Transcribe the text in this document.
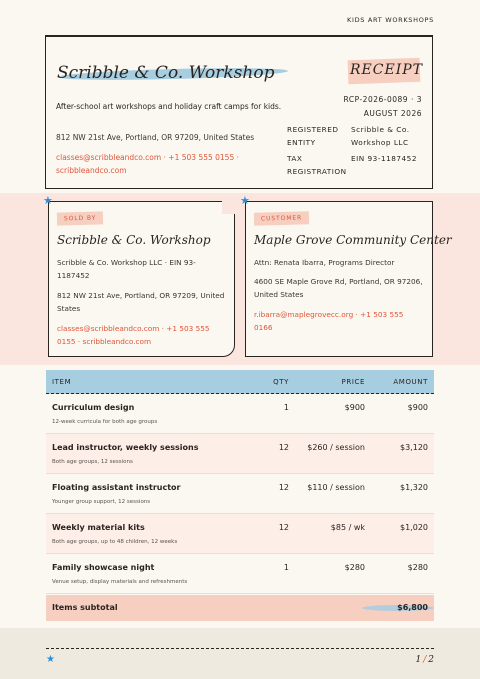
KIDS ART WORKSHOPS
Scribble & Co. Workshop
After-school art workshops and holiday craft camps for kids.
812 NW 21st Ave, Portland, OR 97209, United States
classes@scribbleandco.com · +1 503 555 0155 · scribbleandco.com
RECEIPT
RCP-2026-0089 · 3
AUGUST 2026
REGISTERED ENTITY
Scribble & Co. Workshop LLC
TAX REGISTRATION
EIN 93-1187452
★
SOLD BY
Scribble & Co. Workshop
Scribble & Co. Workshop LLC · EIN 93-1187452
812 NW 21st Ave, Portland, OR 97209, United States
classes@scribbleandco.com · +1 503 555 0155 · scribbleandco.com
★
CUSTOMER
Maple Grove Community Center
Attn: Renata Ibarra, Programs Director
4600 SE Maple Grove Rd, Portland, OR 97206, United States
r.ibarra@maplegrovecc.org · +1 503 555 0166
ITEM	QTY	PRICE	AMOUNT
Curriculum design
12-week curricula for both age groups
1	$900	$900
Lead instructor, weekly sessions
Both age groups, 12 sessions
12	$260 / session	$3,120
Floating assistant instructor
Younger group support, 12 sessions
12	$110 / session	$1,320
Weekly material kits
Both age groups, up to 48 children, 12 weeks
12	$85 / wk	$1,020
Family showcase night
Venue setup, display materials and refreshments
1	$280	$280
Items subtotal	$6,800
★	1 / 2
